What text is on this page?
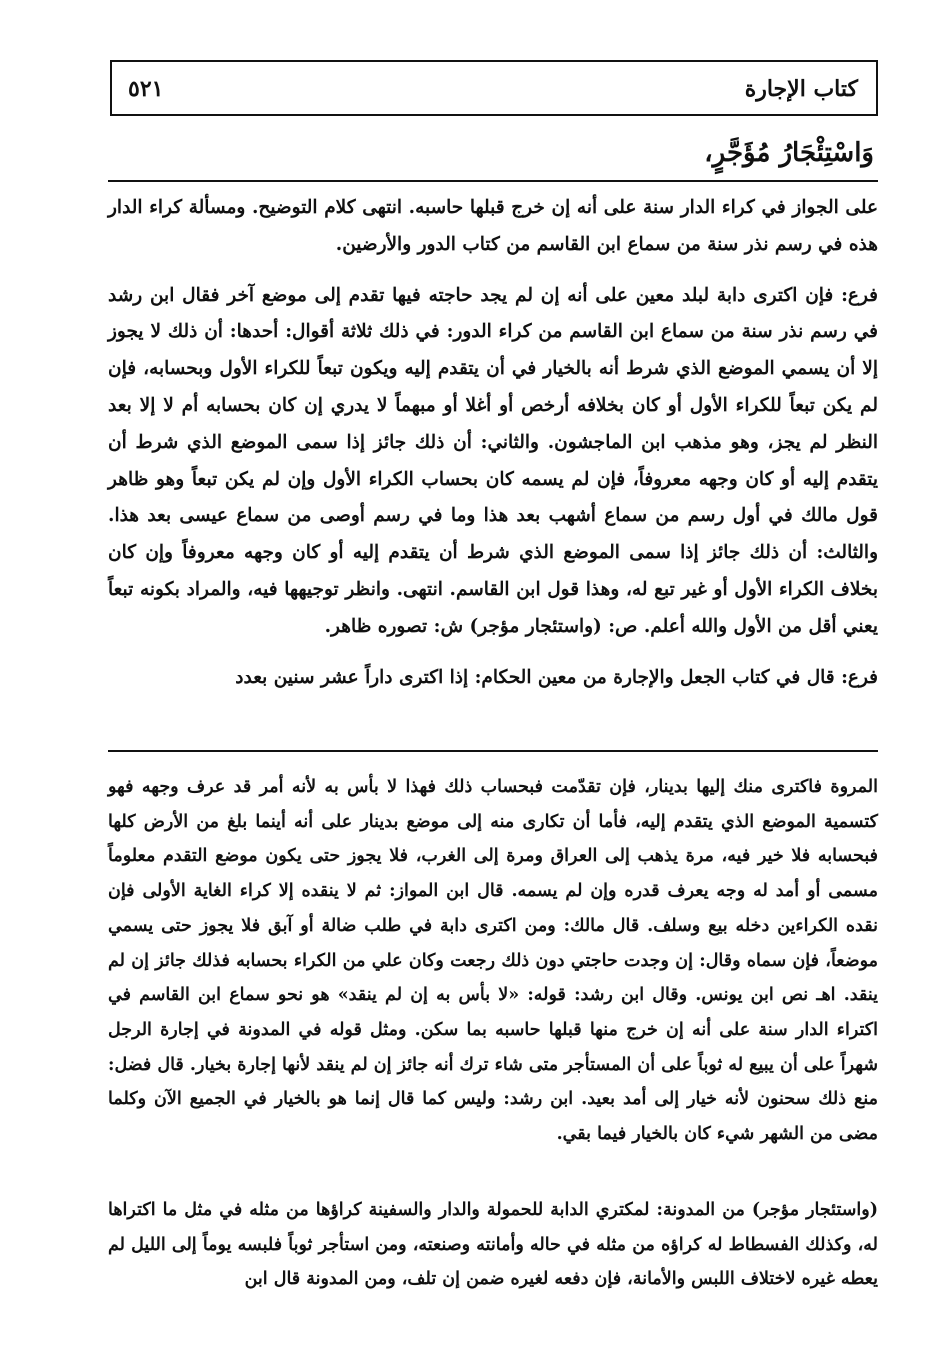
كتاب الإجارة
٥٢١
وَاسْتِئْجَارُ مُؤَجَّرٍ،

على الجواز في كراء الدار سنة على أنه إن خرج قبلها حاسبه. انتهى كلام التوضيح. ومسألة كراء الدار هذه في رسم نذر سنة من سماع ابن القاسم من كتاب الدور والأرضين.

فرع: فإن اكترى دابة لبلد معين على أنه إن لم يجد حاجته فيها تقدم إلى موضع آخر فقال ابن رشد في رسم نذر سنة من سماع ابن القاسم من كراء الدور: في ذلك ثلاثة أقوال: أحدها: أن ذلك لا يجوز إلا أن يسمي الموضع الذي شرط أنه بالخيار في أن يتقدم إليه ويكون تبعاً للكراء الأول وبحسابه، فإن لم يكن تبعاً للكراء الأول أو كان بخلافه أرخص أو أغلا أو مبهماً لا يدري إن كان بحسابه أم لا إلا بعد النظر لم يجز، وهو مذهب ابن الماجشون. والثاني: أن ذلك جائز إذا سمى الموضع الذي شرط أن يتقدم إليه أو كان وجهه معروفاً، فإن لم يسمه كان بحساب الكراء الأول وإن لم يكن تبعاً وهو ظاهر قول مالك في أول رسم من سماع أشهب بعد هذا وما في رسم أوصى من سماع عيسى بعد هذا. والثالث: أن ذلك جائز إذا سمى الموضع الذي شرط أن يتقدم إليه أو كان وجهه معروفاً وإن كان بخلاف الكراء الأول أو غير تبع له، وهذا قول ابن القاسم. انتهى. وانظر توجيهها فيه، والمراد بكونه تبعاً يعني أقل من الأول والله أعلم. ص: (واستئجار مؤجر) ش: تصوره ظاهر.

فرع: قال في كتاب الجعل والإجارة من معين الحكام: إذا اكترى داراً عشر سنين بعدد

المروة فاكترى منك إليها بدينار، فإن تقدّمت فبحساب ذلك فهذا لا بأس به لأنه أمر قد عرف وجهه فهو كتسمية الموضع الذي يتقدم إليه، فأما أن تكارى منه إلى موضع بدينار على أنه أينما بلغ من الأرض كلها فبحسابه فلا خير فيه، مرة يذهب إلى العراق ومرة إلى الغرب، فلا يجوز حتى يكون موضع التقدم معلوماً مسمى أو أمد له وجه يعرف قدره وإن لم يسمه. قال ابن المواز: ثم لا ينقده إلا كراء الغاية الأولى فإن نقده الكراءين دخله بيع وسلف. قال مالك: ومن اكترى دابة في طلب ضالة أو آبق فلا يجوز حتى يسمي موضعاً، فإن سماه وقال: إن وجدت حاجتي دون ذلك رجعت وكان علي من الكراء بحسابه فذلك جائز إن لم ينقد. اهـ نص ابن يونس. وقال ابن رشد: قوله: «لا بأس به إن لم ينقد» هو نحو سماع ابن القاسم في اكتراء الدار سنة على أنه إن خرج منها قبلها حاسبه بما سكن. ومثل قوله في المدونة في إجارة الرجل شهراً على أن يبيع له ثوباً على أن المستأجر متى شاء ترك أنه جائز إن لم ينقد لأنها إجارة بخيار. قال فضل: منع ذلك سحنون لأنه خيار إلى أمد بعيد. ابن رشد: وليس كما قال إنما هو بالخيار في الجميع الآن وكلما مضى من الشهر شيء كان بالخيار فيما بقي.

(واستئجار مؤجر) من المدونة: لمكتري الدابة للحمولة والدار والسفينة كراؤها من مثله في مثل ما اكتراها له، وكذلك الفسطاط له كراؤه من مثله في حاله وأمانته وصنعته، ومن استأجر ثوباً فلبسه يوماً إلى الليل لم يعطه غيره لاختلاف اللبس والأمانة، فإن دفعه لغيره ضمن إن تلف، ومن المدونة قال ابن
